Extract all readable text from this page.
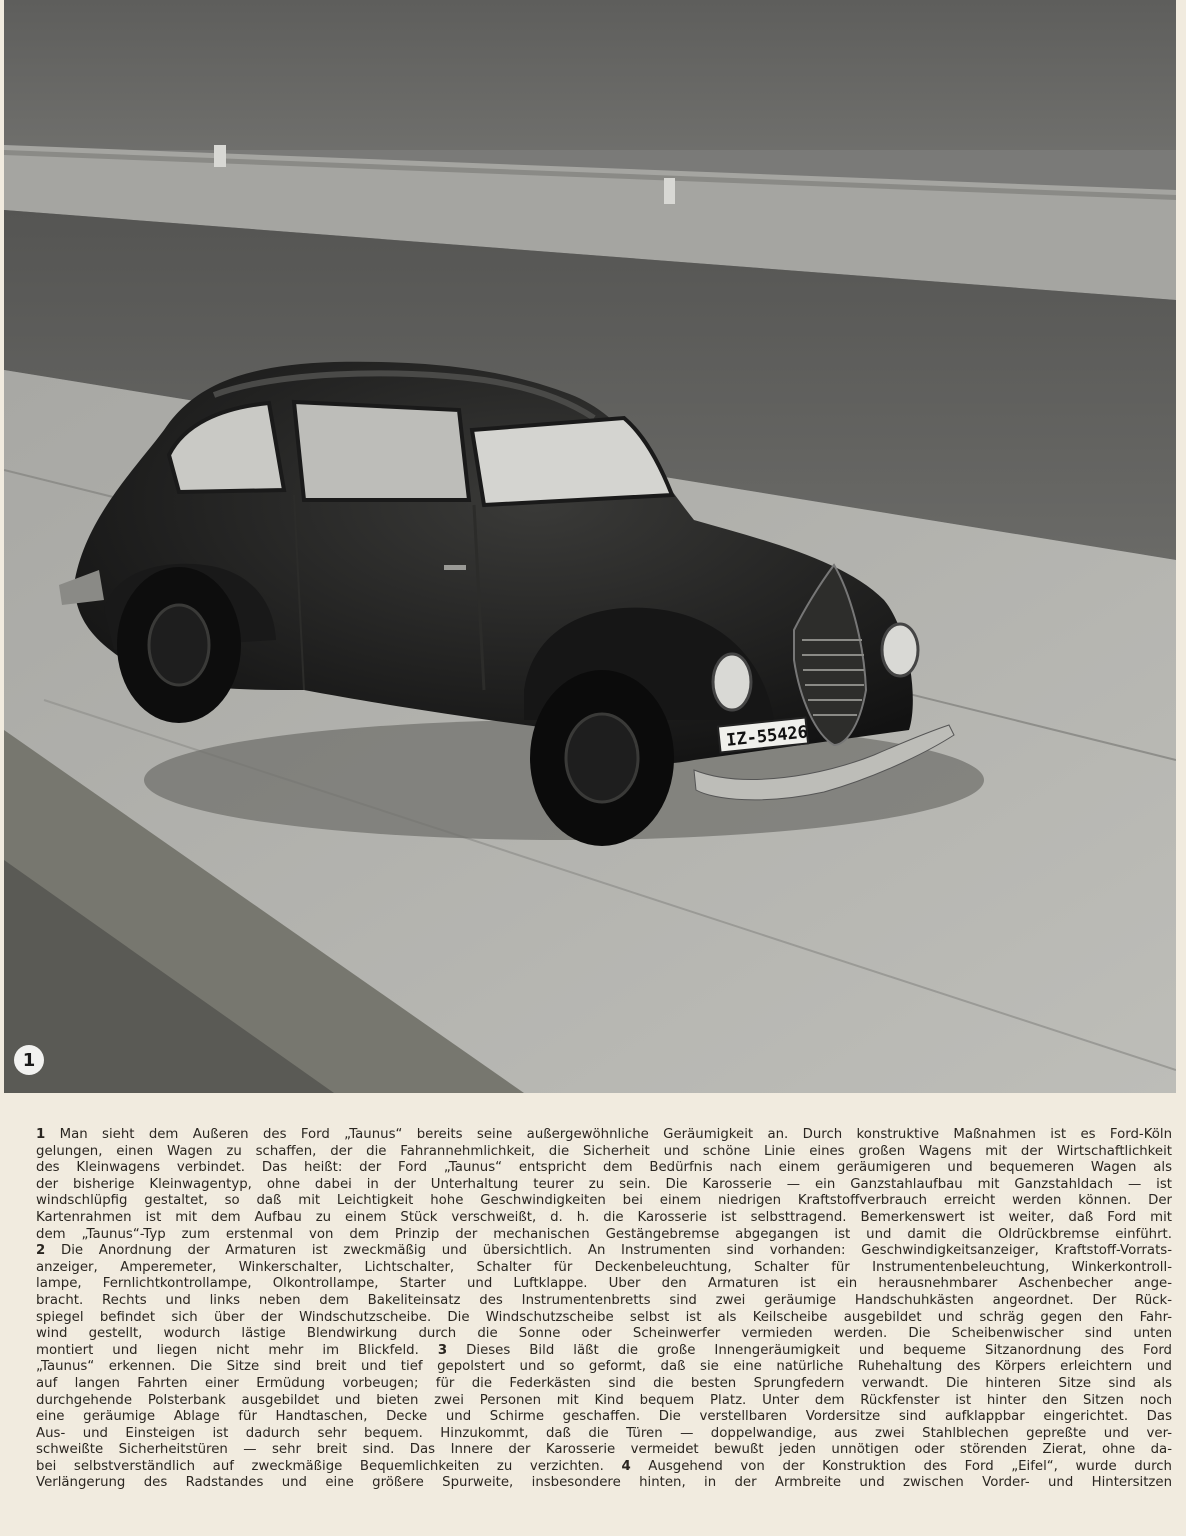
IZ-55426
1
1 Man sieht dem Äußeren des Ford „Taunus“ bereits seine außergewöhnliche Geräumigkeit an. Durch konstruktive Maßnahmen ist es Ford-Köln
gelungen, einen Wagen zu schaffen, der die Fahrannehmlichkeit, die Sicherheit und schöne Linie eines großen Wagens mit der Wirtschaftlichkeit
des Kleinwagens verbindet. Das heißt: der Ford „Taunus“ entspricht dem Bedürfnis nach einem geräumigeren und bequemeren Wagen als
der bisherige Kleinwagentyp, ohne dabei in der Unterhaltung teurer zu sein. Die Karosserie — ein Ganzstahlaufbau mit Ganzstahldach — ist
windschlüpfig gestaltet, so daß mit Leichtigkeit hohe Geschwindigkeiten bei einem niedrigen Kraftstoffverbrauch erreicht werden können. Der
Kartenrahmen ist mit dem Aufbau zu einem Stück verschweißt, d. h. die Karosserie ist selbsttragend. Bemerkenswert ist weiter, daß Ford mit
dem „Taunus“-Typ zum erstenmal von dem Prinzip der mechanischen Gestängebremse abgegangen ist und damit die Öldrückbremse einführt.
2 Die Anordnung der Armaturen ist zweckmäßig und übersichtlich. An Instrumenten sind vorhanden: Geschwindigkeitsanzeiger, Kraftstoff-Vorrats-
anzeiger, Amperemeter, Winkerschalter, Lichtschalter, Schalter für Deckenbeleuchtung, Schalter für Instrumentenbeleuchtung, Winkerkontroll-
lampe, Fernlichtkontrollampe, Ölkontrollampe, Starter und Luftklappe. Über den Armaturen ist ein herausnehmbarer Aschenbecher ange-
bracht. Rechts und links neben dem Bakeliteinsatz des Instrumentenbretts sind zwei geräumige Handschuhkästen angeordnet. Der Rück-
spiegel befindet sich über der Windschutzscheibe. Die Windschutzscheibe selbst ist als Keilscheibe ausgebildet und schräg gegen den Fahr-
wind gestellt, wodurch lästige Blendwirkung durch die Sonne oder Scheinwerfer vermieden werden. Die Scheibenwischer sind unten
montiert und liegen nicht mehr im Blickfeld. 3 Dieses Bild läßt die große Innengeräumigkeit und bequeme Sitzanordnung des Ford
„Taunus“ erkennen. Die Sitze sind breit und tief gepolstert und so geformt, daß sie eine natürliche Ruhehaltung des Körpers erleichtern und
auf langen Fahrten einer Ermüdung vorbeugen; für die Federkästen sind die besten Sprungfedern verwandt. Die hinteren Sitze sind als
durchgehende Polsterbank ausgebildet und bieten zwei Personen mit Kind bequem Platz. Unter dem Rückfenster ist hinter den Sitzen noch
eine geräumige Ablage für Handtaschen, Decke und Schirme geschaffen. Die verstellbaren Vordersitze sind aufklappbar eingerichtet. Das
Aus- und Einsteigen ist dadurch sehr bequem. Hinzukommt, daß die Türen — doppelwandige, aus zwei Stahlblechen gepreßte und ver-
schweißte Sicherheitstüren — sehr breit sind. Das Innere der Karosserie vermeidet bewußt jeden unnötigen oder störenden Zierat, ohne da-
bei selbstverständlich auf zweckmäßige Bequemlichkeiten zu verzichten. 4 Ausgehend von der Konstruktion des Ford „Eifel“, wurde durch
Verlängerung des Radstandes und eine größere Spurweite, insbesondere hinten, in der Armbreite und zwischen Vorder- und Hintersitzen
